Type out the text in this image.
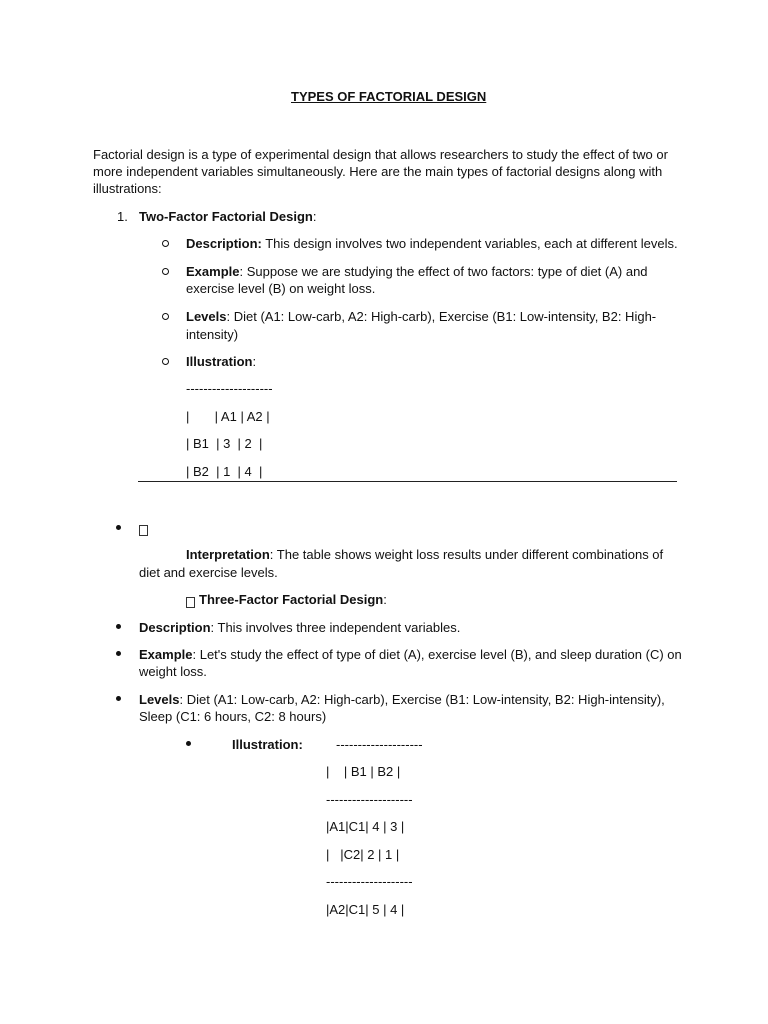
TYPES OF FACTORIAL DESIGN
Factorial design is a type of experimental design that allows researchers to study the effect of two or
more independent variables simultaneously. Here are the main types of factorial designs along with
illustrations:
1. Two-Factor Factorial Design:
Description: This design involves two independent variables, each at different levels.
Example: Suppose we are studying the effect of two factors: type of diet (A) and
exercise level (B) on weight loss.
Levels: Diet (A1: Low-carb, A2: High-carb), Exercise (B1: Low-intensity, B2: High-
intensity)
Illustration:
--------------------
|       | A1 | A2 |
| B1  | 3  | 2  |
| B2  | 1  | 4  |
Interpretation: The table shows weight loss results under different combinations of
diet and exercise levels.
Three-Factor Factorial Design:
Description: This involves three independent variables.
Example: Let's study the effect of type of diet (A), exercise level (B), and sleep duration (C) on
weight loss.
Levels: Diet (A1: Low-carb, A2: High-carb), Exercise (B1: Low-intensity, B2: High-intensity),
Sleep (C1: 6 hours, C2: 8 hours)
Illustration:	--------------------
|    | B1 | B2 |
--------------------
|A1|C1| 4 | 3 |
|   |C2| 2 | 1 |
--------------------
|A2|C1| 5 | 4 |
